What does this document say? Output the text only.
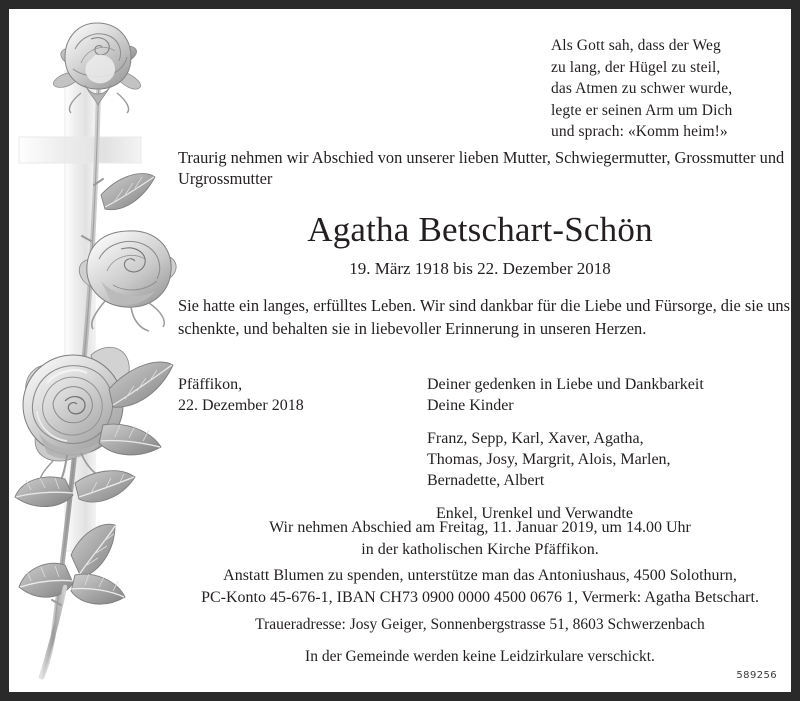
Als Gott sah, dass der Weg
zu lang, der Hügel zu steil,
das Atmen zu schwer wurde,
legte er seinen Arm um Dich
und sprach: «Komm heim!»
Traurig nehmen wir Abschied von unserer lieben Mutter, Schwiegermutter, Grossmutter und Urgrossmutter
Agatha Betschart-Schön
19. März 1918 bis 22. Dezember 2018
Sie hatte ein langes, erfülltes Leben. Wir sind dankbar für die Liebe und Fürsorge, die sie uns schenkte, und behalten sie in liebevoller Erinnerung in unseren Herzen.
Pfäffikon,
22. Dezember 2018
Deiner gedenken in Liebe und Dankbarkeit
Deine Kinder
Franz, Sepp, Karl, Xaver, Agatha,
Thomas, Josy, Margrit, Alois, Marlen,
Bernadette, Albert
Enkel, Urenkel und Verwandte
Wir nehmen Abschied am Freitag, 11. Januar 2019, um 14.00 Uhr
in der katholischen Kirche Pfäffikon.
Anstatt Blumen zu spenden, unterstütze man das Antoniushaus, 4500 Solothurn,
PC-Konto 45-676-1, IBAN CH73 0900 0000 4500 0676 1, Vermerk: Agatha Betschart.
Traueradresse: Josy Geiger, Sonnenbergstrasse 51, 8603 Schwerzenbach
In der Gemeinde werden keine Leidzirkulare verschickt.
589256
